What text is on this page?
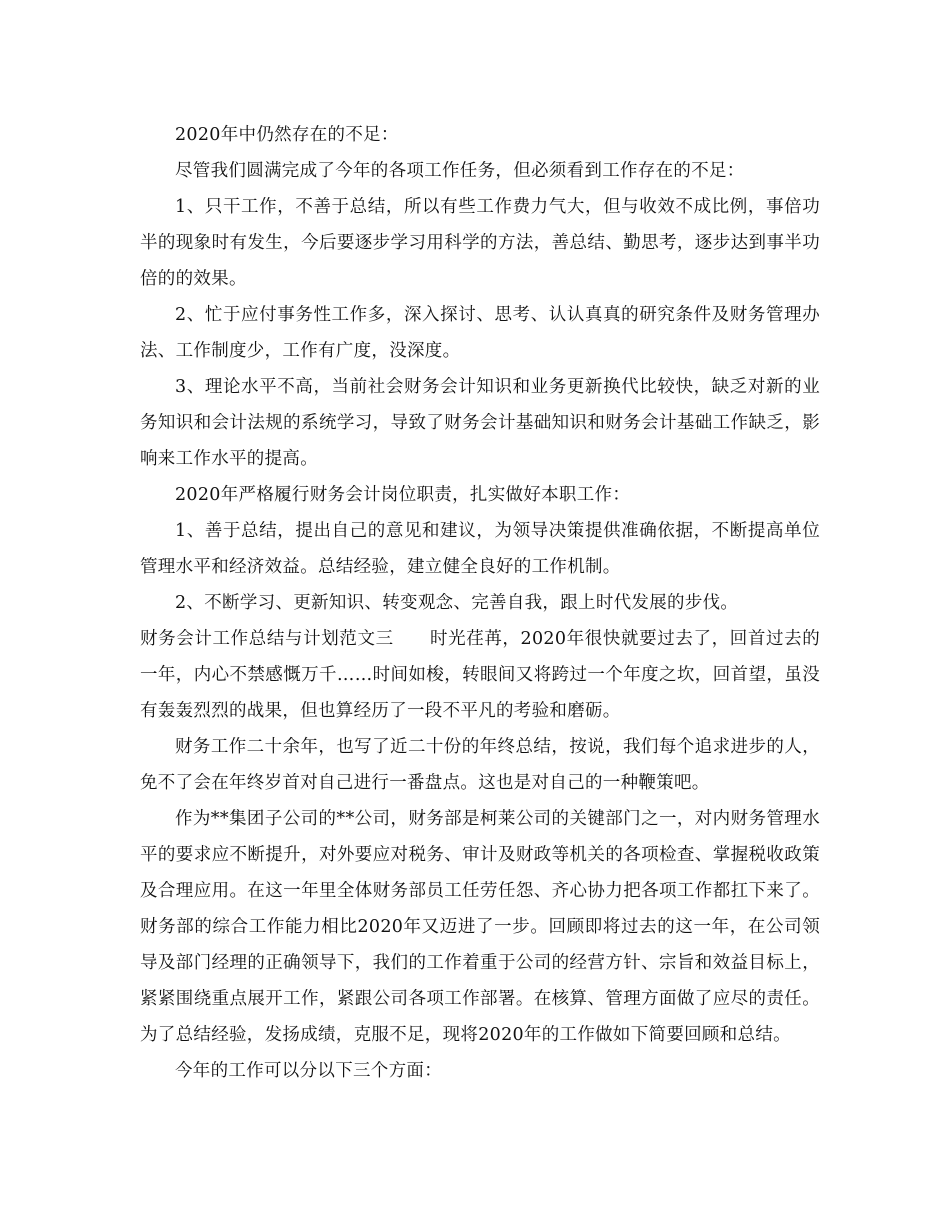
2020年中仍然存在的不足：

尽管我们圆满完成了今年的各项工作任务，但必须看到工作存在的不足：

1、只干工作，不善于总结，所以有些工作费力气大，但与收效不成比例，事倍功半的现象时有发生，今后要逐步学习用科学的方法，善总结、勤思考，逐步达到事半功倍的的效果。

2、忙于应付事务性工作多，深入探讨、思考、认认真真的研究条件及财务管理办法、工作制度少，工作有广度，没深度。

3、理论水平不高，当前社会财务会计知识和业务更新换代比较快，缺乏对新的业务知识和会计法规的系统学习，导致了财务会计基础知识和财务会计基础工作缺乏，影响来工作水平的提高。

2020年严格履行财务会计岗位职责，扎实做好本职工作：

1、善于总结，提出自己的意见和建议，为领导决策提供准确依据，不断提高单位管理水平和经济效益。总结经验，建立健全良好的工作机制。

2、不断学习、更新知识、转变观念、完善自我，跟上时代发展的步伐。

财务会计工作总结与计划范文三　　时光荏苒，2020年很快就要过去了，回首过去的一年，内心不禁感慨万千……时间如梭，转眼间又将跨过一个年度之坎，回首望，虽没有轰轰烈烈的战果，但也算经历了一段不平凡的考验和磨砺。

财务工作二十余年，也写了近二十份的年终总结，按说，我们每个追求进步的人，免不了会在年终岁首对自己进行一番盘点。这也是对自己的一种鞭策吧。

作为**集团子公司的**公司，财务部是柯莱公司的关键部门之一，对内财务管理水平的要求应不断提升，对外要应对税务、审计及财政等机关的各项检查、掌握税收政策及合理应用。在这一年里全体财务部员工任劳任怨、齐心协力把各项工作都扛下来了。财务部的综合工作能力相比2020年又迈进了一步。回顾即将过去的这一年，在公司领导及部门经理的正确领导下，我们的工作着重于公司的经营方针、宗旨和效益目标上，紧紧围绕重点展开工作，紧跟公司各项工作部署。在核算、管理方面做了应尽的责任。为了总结经验，发扬成绩，克服不足，现将2020年的工作做如下简要回顾和总结。

今年的工作可以分以下三个方面：
